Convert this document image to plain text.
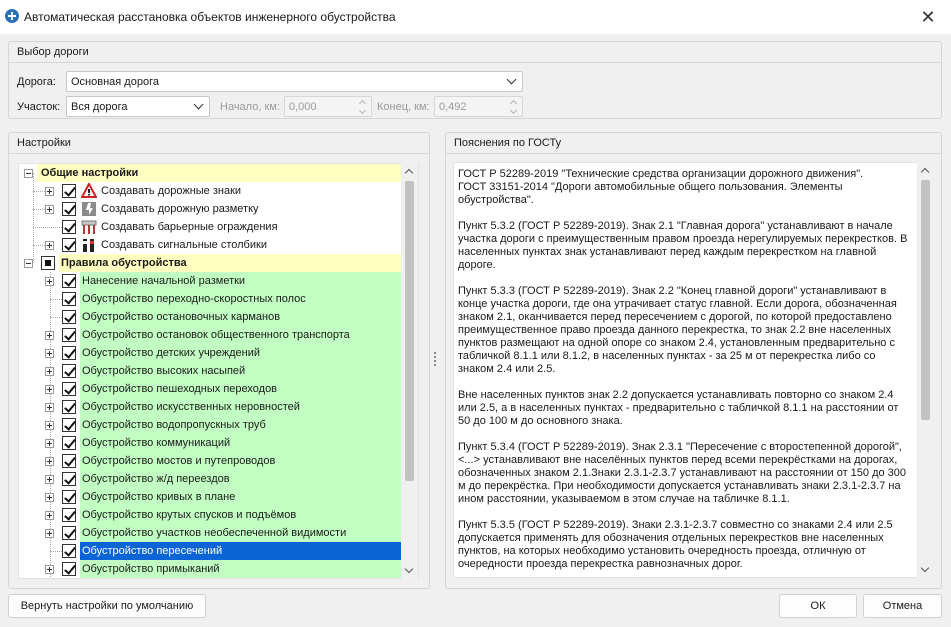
Автоматическая расстановка объектов инженерного обустройства	✕
Выбор дороги
Дорога:	Основная дорога
Участок: Вся дорога	Начало, км: 0,000	Конец, км: 0,492
Настройки
Общие настройки
Создавать дорожные знаки
Создавать дорожную разметку
Создавать барьерные ограждения
Создавать сигнальные столбики
Правила обустройства
Нанесение начальной разметки
Обустройство переходно-скоростных полос
Обустройство остановочных карманов
Обустройство остановок общественного транспорта
Обустройство детских учреждений
Обустройство высоких насыпей
Обустройство пешеходных переходов
Обустройство искусственных неровностей
Обустройство водопропускных труб
Обустройство коммуникаций
Обустройство мостов и путепроводов
Обустройство ж/д переездов
Обустройство кривых в плане
Обустройство крутых спусков и подъёмов
Обустройство участков необеспеченной видимости
Обустройство пересечений
Обустройство примыканий
Пояснения по ГОСТу

ГОСТ Р 52289-2019 "Технические средства организации дорожного движения".
ГОСТ 33151-2014 "Дороги автомобильные общего пользования. Элементы
обустройства".

Пункт 5.3.2 (ГОСТ Р 52289-2019). Знак 2.1 "Главная дорога" устанавливают в начале
участка дороги с преимущественным правом проезда нерегулируемых перекрестков. В
населенных пунктах знак устанавливают перед каждым перекрестком на главной
дороге.

Пункт 5.3.3 (ГОСТ Р 52289-2019). Знак 2.2 "Конец главной дороги" устанавливают в
конце участка дороги, где она утрачивает статус главной. Если дорога, обозначенная
знаком 2.1, оканчивается перед пересечением с дорогой, по которой предоставлено
преимущественное право проезда данного перекрестка, то знак 2.2 вне населенных
пунктов размещают на одной опоре со знаком 2.4, установленным предварительно с
табличкой 8.1.1 или 8.1.2, в населенных пунктах - за 25 м от перекрестка либо со
знаком 2.4 или 2.5.

Вне населенных пунктов знак 2.2 допускается устанавливать повторно со знаком 2.4
или 2.5, а в населенных пунктах - предварительно с табличкой 8.1.1 на расстоянии от
50 до 100 м до основного знака.

Пункт 5.3.4 (ГОСТ Р 52289-2019). Знак 2.3.1 "Пересечение с второстепенной дорогой",
<...> устанавливают вне населённых пунктов перед всеми перекрёстками на дорогах,
обозначенных знаком 2.1.Знаки 2.3.1-2.3.7 устанавливают на расстоянии от 150 до 300
м до перекрёстка. При необходимости допускается устанавливать знаки 2.3.1-2.3.7 на
ином расстоянии, указываемом в этом случае на табличке 8.1.1.

Пункт 5.3.5 (ГОСТ Р 52289-2019). Знаки 2.3.1-2.3.7 совместно со знаками 2.4 или 2.5
допускается применять для обозначения отдельных перекрестков вне населенных
пунктов, на которых необходимо установить очередность проезда, отличную от
очередности проезда перекрестка равнозначных дорог.

Вернуть настройки по умолчанию	ОК	Отмена
